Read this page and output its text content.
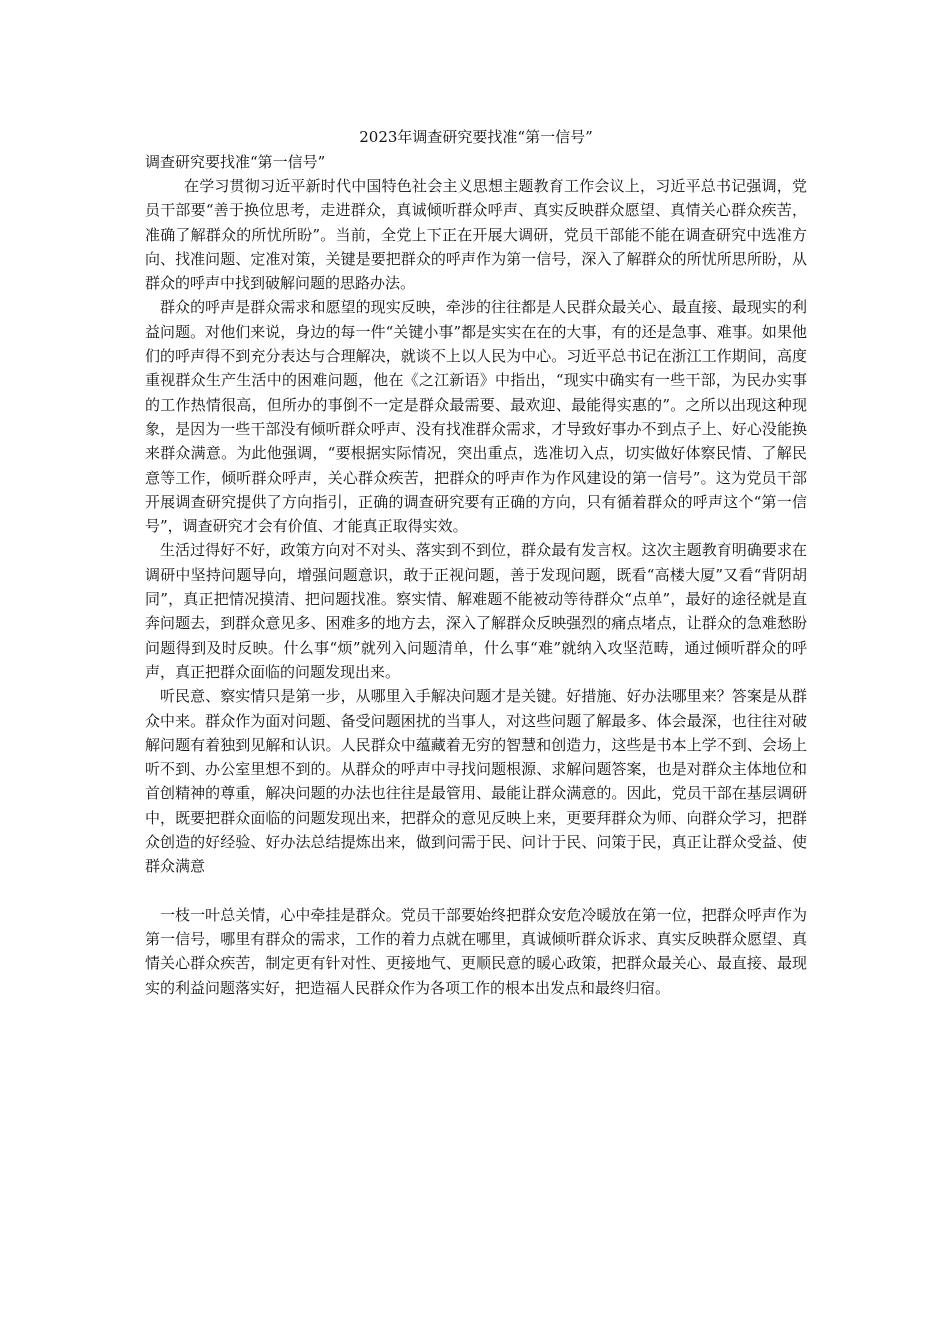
2023年调查研究要找准“第一信号”

调查研究要找准“第一信号”

在学习贯彻习近平新时代中国特色社会主义思想主题教育工作会议上，习近平总书记强调，党员干部要“善于换位思考，走进群众，真诚倾听群众呼声、真实反映群众愿望、真情关心群众疾苦，准确了解群众的所忧所盼”。当前，全党上下正在开展大调研，党员干部能不能在调查研究中选准方向、找准问题、定准对策，关键是要把群众的呼声作为第一信号，深入了解群众的所忧所思所盼，从群众的呼声中找到破解问题的思路办法。

群众的呼声是群众需求和愿望的现实反映，牵涉的往往都是人民群众最关心、最直接、最现实的利益问题。对他们来说，身边的每一件“关键小事”都是实实在在的大事，有的还是急事、难事。如果他们的呼声得不到充分表达与合理解决，就谈不上以人民为中心。习近平总书记在浙江工作期间，高度重视群众生产生活中的困难问题，他在《之江新语》中指出，“现实中确实有一些干部，为民办实事的工作热情很高，但所办的事倒不一定是群众最需要、最欢迎、最能得实惠的”。之所以出现这种现象，是因为一些干部没有倾听群众呼声、没有找准群众需求，才导致好事办不到点子上、好心没能换来群众满意。为此他强调，“要根据实际情况，突出重点，选准切入点，切实做好体察民情、了解民意等工作，倾听群众呼声，关心群众疾苦，把群众的呼声作为作风建设的第一信号”。这为党员干部开展调查研究提供了方向指引，正确的调查研究要有正确的方向，只有循着群众的呼声这个“第一信号”，调查研究才会有价值、才能真正取得实效。

生活过得好不好，政策方向对不对头、落实到不到位，群众最有发言权。这次主题教育明确要求在调研中坚持问题导向，增强问题意识，敢于正视问题，善于发现问题，既看“高楼大厦”又看“背阴胡同”，真正把情况摸清、把问题找准。察实情、解难题不能被动等待群众“点单”，最好的途径就是直奔问题去，到群众意见多、困难多的地方去，深入了解群众反映强烈的痛点堵点，让群众的急难愁盼问题得到及时反映。什么事“烦”就列入问题清单，什么事“难”就纳入攻坚范畴，通过倾听群众的呼声，真正把群众面临的问题发现出来。

听民意、察实情只是第一步，从哪里入手解决问题才是关键。好措施、好办法哪里来？答案是从群众中来。群众作为面对问题、备受问题困扰的当事人，对这些问题了解最多、体会最深，也往往对破解问题有着独到见解和认识。人民群众中蕴藏着无穷的智慧和创造力，这些是书本上学不到、会场上听不到、办公室里想不到的。从群众的呼声中寻找问题根源、求解问题答案，也是对群众主体地位和首创精神的尊重，解决问题的办法也往往是最管用、最能让群众满意的。因此，党员干部在基层调研中，既要把群众面临的问题发现出来，把群众的意见反映上来，更要拜群众为师、向群众学习，把群众创造的好经验、好办法总结提炼出来，做到问需于民、问计于民、问策于民，真正让群众受益、使群众满意

一枝一叶总关情，心中牵挂是群众。党员干部要始终把群众安危冷暖放在第一位，把群众呼声作为第一信号，哪里有群众的需求，工作的着力点就在哪里，真诚倾听群众诉求、真实反映群众愿望、真情关心群众疾苦，制定更有针对性、更接地气、更顺民意的暖心政策，把群众最关心、最直接、最现实的利益问题落实好，把造福人民群众作为各项工作的根本出发点和最终归宿。
